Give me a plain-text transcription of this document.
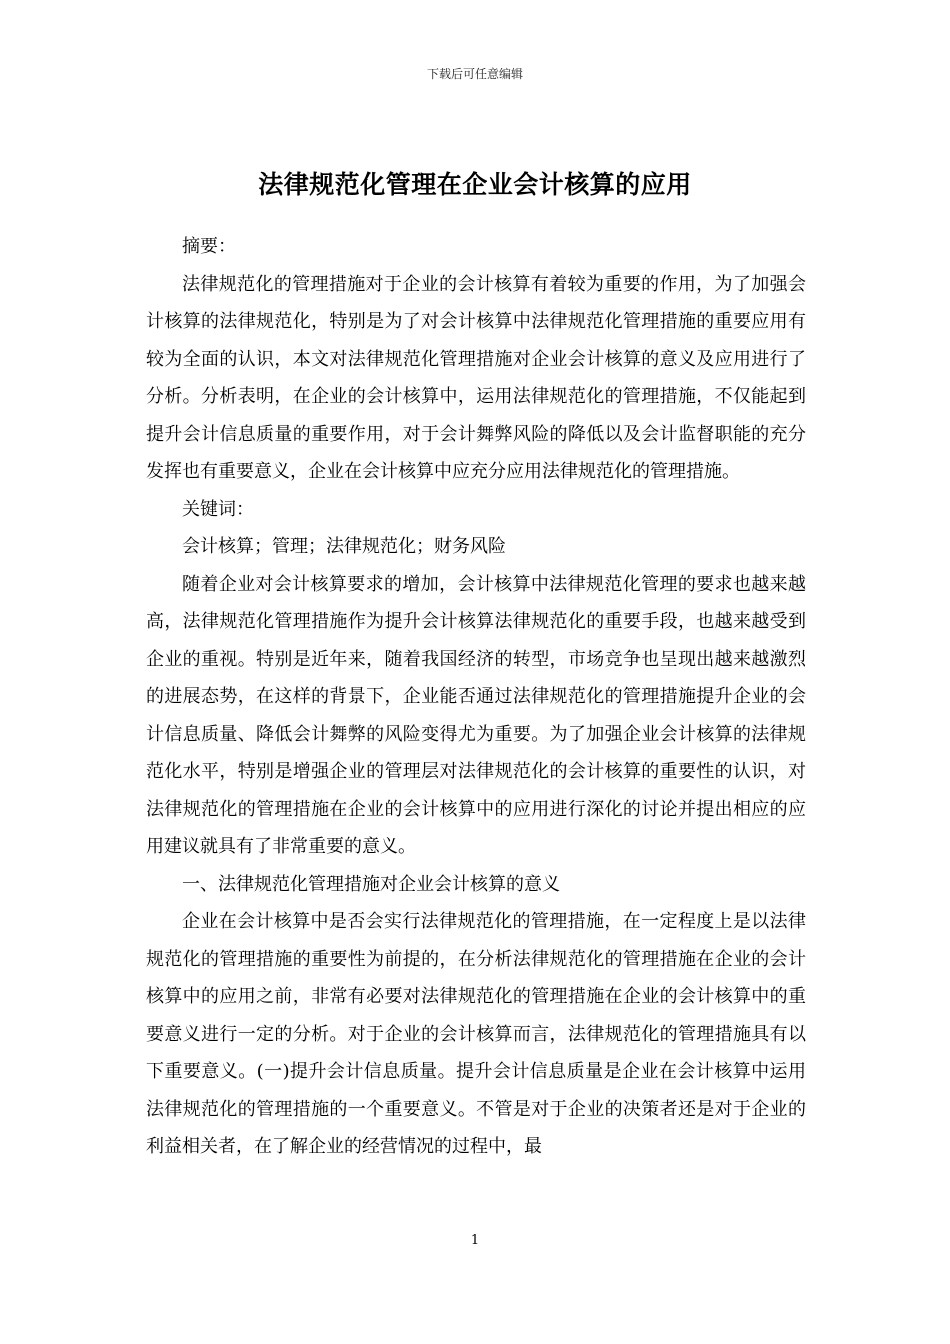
下载后可任意编辑
法律规范化管理在企业会计核算的应用

摘要：

法律规范化的管理措施对于企业的会计核算有着较为重要的作用，为了加强会计核算的法律规范化，特别是为了对会计核算中法律规范化管理措施的重要应用有较为全面的认识，本文对法律规范化管理措施对企业会计核算的意义及应用进行了分析。分析表明，在企业的会计核算中，运用法律规范化的管理措施，不仅能起到提升会计信息质量的重要作用，对于会计舞弊风险的降低以及会计监督职能的充分发挥也有重要意义，企业在会计核算中应充分应用法律规范化的管理措施。

关键词：

会计核算；管理；法律规范化；财务风险

随着企业对会计核算要求的增加，会计核算中法律规范化管理的要求也越来越高，法律规范化管理措施作为提升会计核算法律规范化的重要手段，也越来越受到企业的重视。特别是近年来，随着我国经济的转型，市场竞争也呈现出越来越激烈的进展态势，在这样的背景下，企业能否通过法律规范化的管理措施提升企业的会计信息质量、降低会计舞弊的风险变得尤为重要。为了加强企业会计核算的法律规范化水平，特别是增强企业的管理层对法律规范化的会计核算的重要性的认识，对法律规范化的管理措施在企业的会计核算中的应用进行深化的讨论并提出相应的应用建议就具有了非常重要的意义。

一、法律规范化管理措施对企业会计核算的意义

企业在会计核算中是否会实行法律规范化的管理措施，在一定程度上是以法律规范化的管理措施的重要性为前提的，在分析法律规范化的管理措施在企业的会计核算中的应用之前，非常有必要对法律规范化的管理措施在企业的会计核算中的重要意义进行一定的分析。对于企业的会计核算而言，法律规范化的管理措施具有以下重要意义。(一)提升会计信息质量。提升会计信息质量是企业在会计核算中运用法律规范化的管理措施的一个重要意义。不管是对于企业的决策者还是对于企业的利益相关者，在了解企业的经营情况的过程中，最

1
